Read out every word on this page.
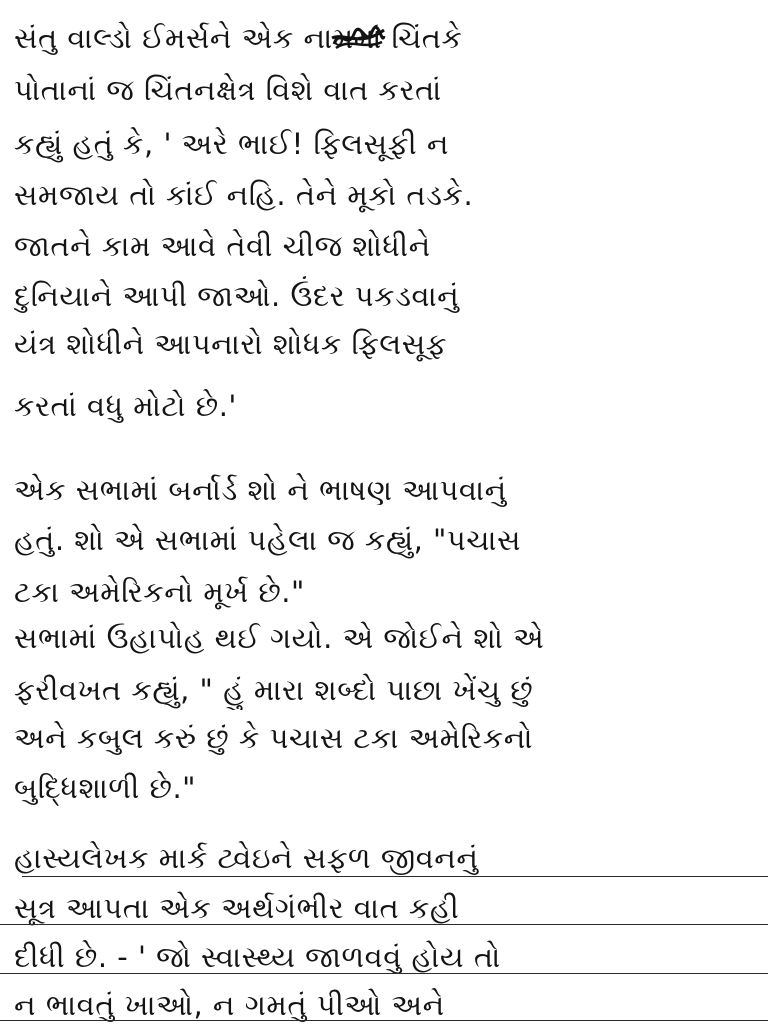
સંતુ વાલ્ડો ઈમર્સને એક નામમાં ચિંતકે
પોતાનાં જ ચિંતનક્ષેત્ર વિશે વાત કરતાં
કહ્યું હતું કે, ' અરે ભાઈ! ફિલસૂફી ન
સમજાય તો કાંઈ નહિ. તેને મૂકો તડકે.
જાતને કામ આવે તેવી ચીજ શોધીને
દુનિયાને આપી જાઓ. ઉંદર પકડવાનું
યંત્ર શોધીને આપનારો શોધક ફિલસૂફ
કરતાં વધુ મોટો છે.'
એક સભામાં બર્નાર્ડ શો ને ભાષણ આપવાનું
હતું. શો એ સભામાં પહેલા જ કહ્યું, "પચાસ
ટકા અમેરિકનો મૂર્ખ છે."
સભામાં ઉહાપોહ થઈ ગયો. એ જોઈને શો એ
ફરીવખત કહ્યું, " હું મારા શબ્દો પાછા ખેંચુ છું
અને કબુલ કરું છું કે પચાસ ટકા અમેરિકનો
બુદ્ધિશાળી છે."
હાસ્યલેખક માર્ક ટ્વેઇને સફળ જીવનનું
સૂત્ર આપતા એક અર્થગંભીર વાત કહી
દીધી છે. - ' જો સ્વાસ્થ્ય જાળવવું હોય તો
ન ભાવતું ખાઓ, ન ગમતું પીઓ અને
